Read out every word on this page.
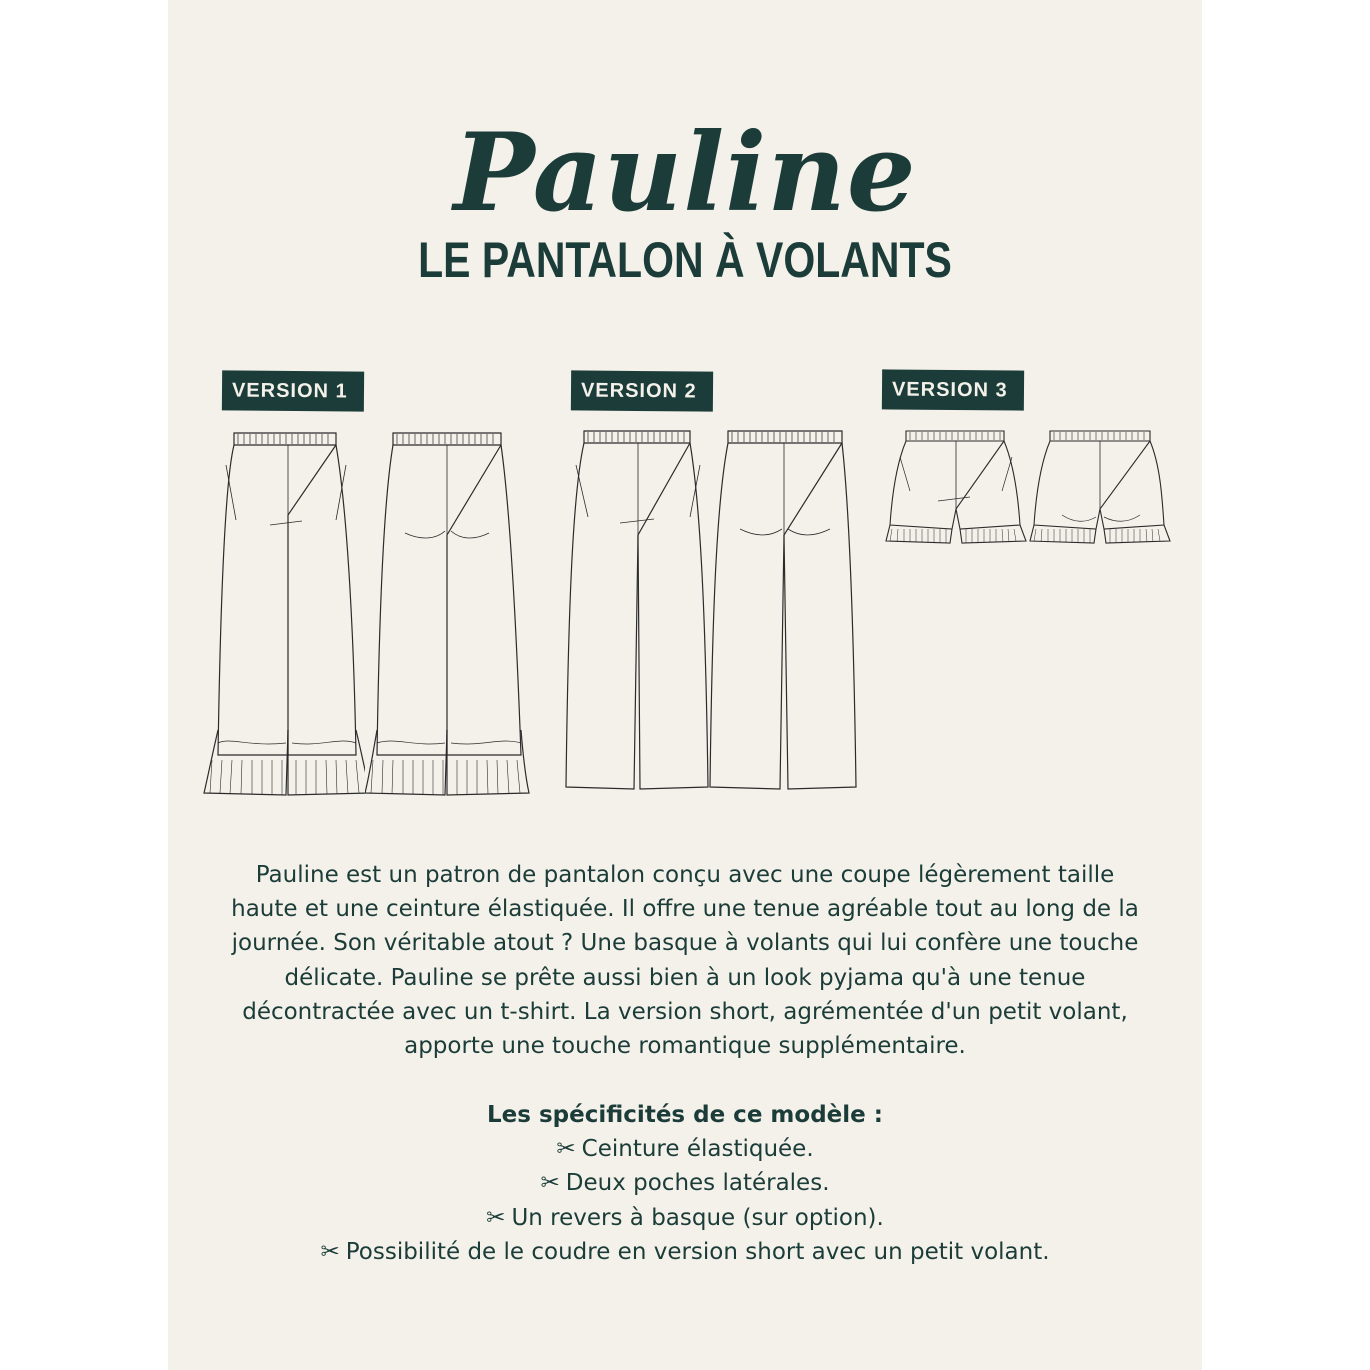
Pauline
LE PANTALON À VOLANTS
VERSION 1	VERSION 2	VERSION 3

Pauline est un patron de pantalon conçu avec une coupe légèrement taille haute et une ceinture élastiquée. Il offre une tenue agréable tout au long de la journée. Son véritable atout ? Une basque à volants qui lui confère une touche délicate. Pauline se prête aussi bien à un look pyjama qu'à une tenue décontractée avec un t-shirt. La version short, agrémentée d'un petit volant, apporte une touche romantique supplémentaire.

Les spécificités de ce modèle :
✂ Ceinture élastiquée.
✂ Deux poches latérales.
✂ Un revers à basque (sur option).
✂ Possibilité de le coudre en version short avec un petit volant.
